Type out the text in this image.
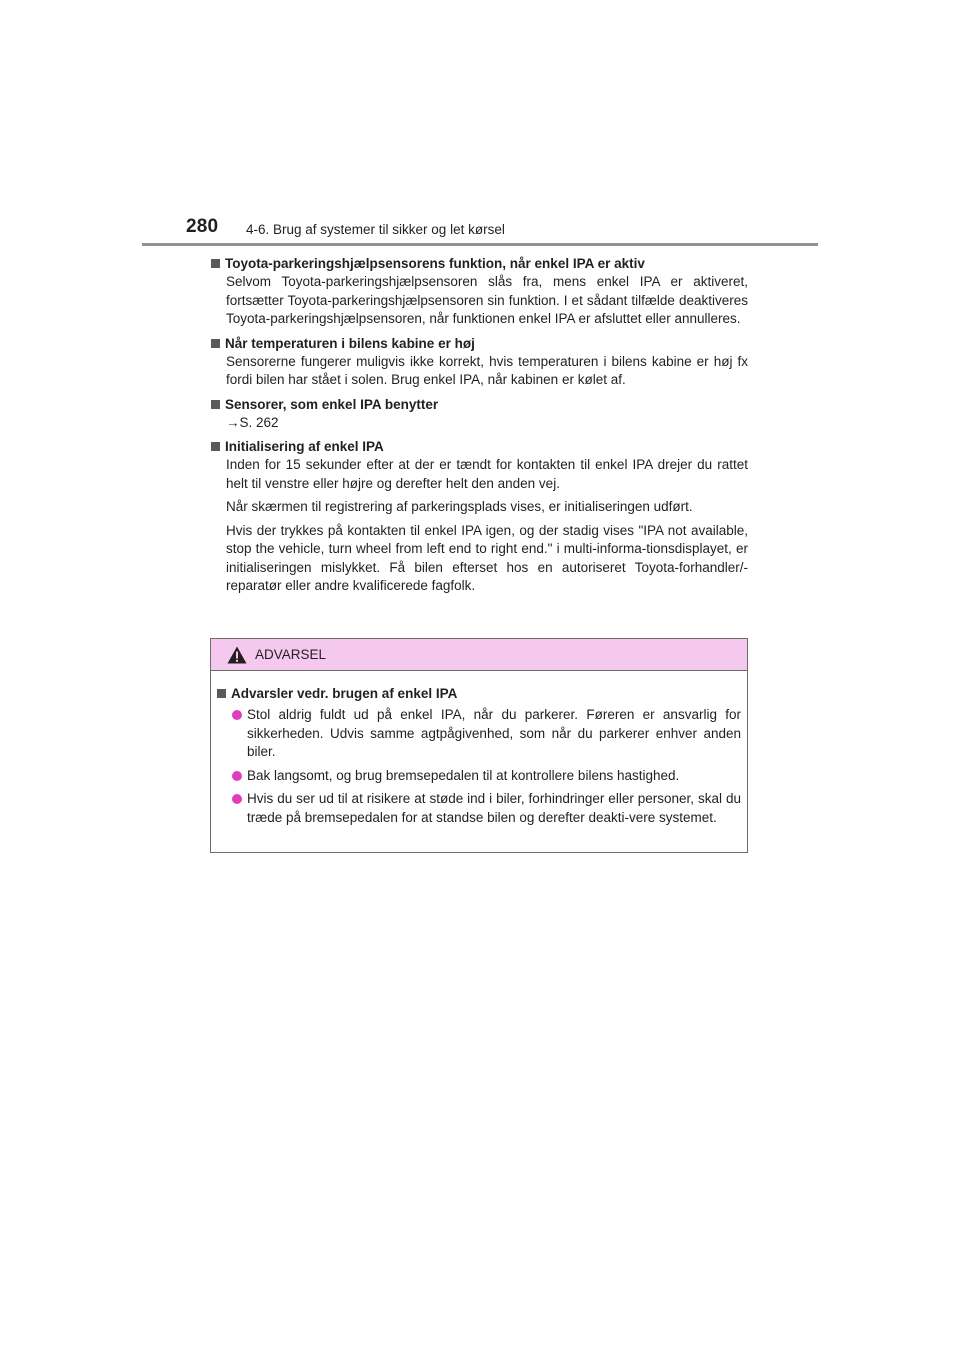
280 4-6. Brug af systemer til sikker og let kørsel
Toyota-parkeringshjælpsensorens funktion, når enkel IPA er aktiv

Selvom Toyota-parkeringshjælpsensoren slås fra, mens enkel IPA er aktiveret, fortsætter Toyota-parkeringshjælpsensoren sin funktion. I et sådant tilfælde deaktiveres Toyota-parkeringshjælpsensoren, når funktionen enkel IPA er afsluttet eller annulleres.

Når temperaturen i bilens kabine er høj

Sensorerne fungerer muligvis ikke korrekt, hvis temperaturen i bilens kabine er høj fx fordi bilen har stået i solen. Brug enkel IPA, når kabinen er kølet af.

Sensorer, som enkel IPA benytter
→S. 262
Initialisering af enkel IPA

Inden for 15 sekunder efter at der er tændt for kontakten til enkel IPA drejer du rattet helt til venstre eller højre og derefter helt den anden vej.

Når skærmen til registrering af parkeringsplads vises, er initialiseringen udført.

Hvis der trykkes på kontakten til enkel IPA igen, og der stadig vises "IPA not available, stop the vehicle, turn wheel from left end to right end." i multi-informa-tionsdisplayet, er initialiseringen mislykket. Få bilen efterset hos en autoriseret Toyota-forhandler/-reparatør eller andre kvalificerede fagfolk.

ADVARSEL
Advarsler vedr. brugen af enkel IPA
Stol aldrig fuldt ud på enkel IPA, når du parkerer. Føreren er ansvarlig for sikkerheden. Udvis samme agtpågivenhed, som når du parkerer enhver anden biler.
Bak langsomt, og brug bremsepedalen til at kontrollere bilens hastighed.
Hvis du ser ud til at risikere at støde ind i biler, forhindringer eller personer, skal du træde på bremsepedalen for at standse bilen og derefter deakti-vere systemet.
